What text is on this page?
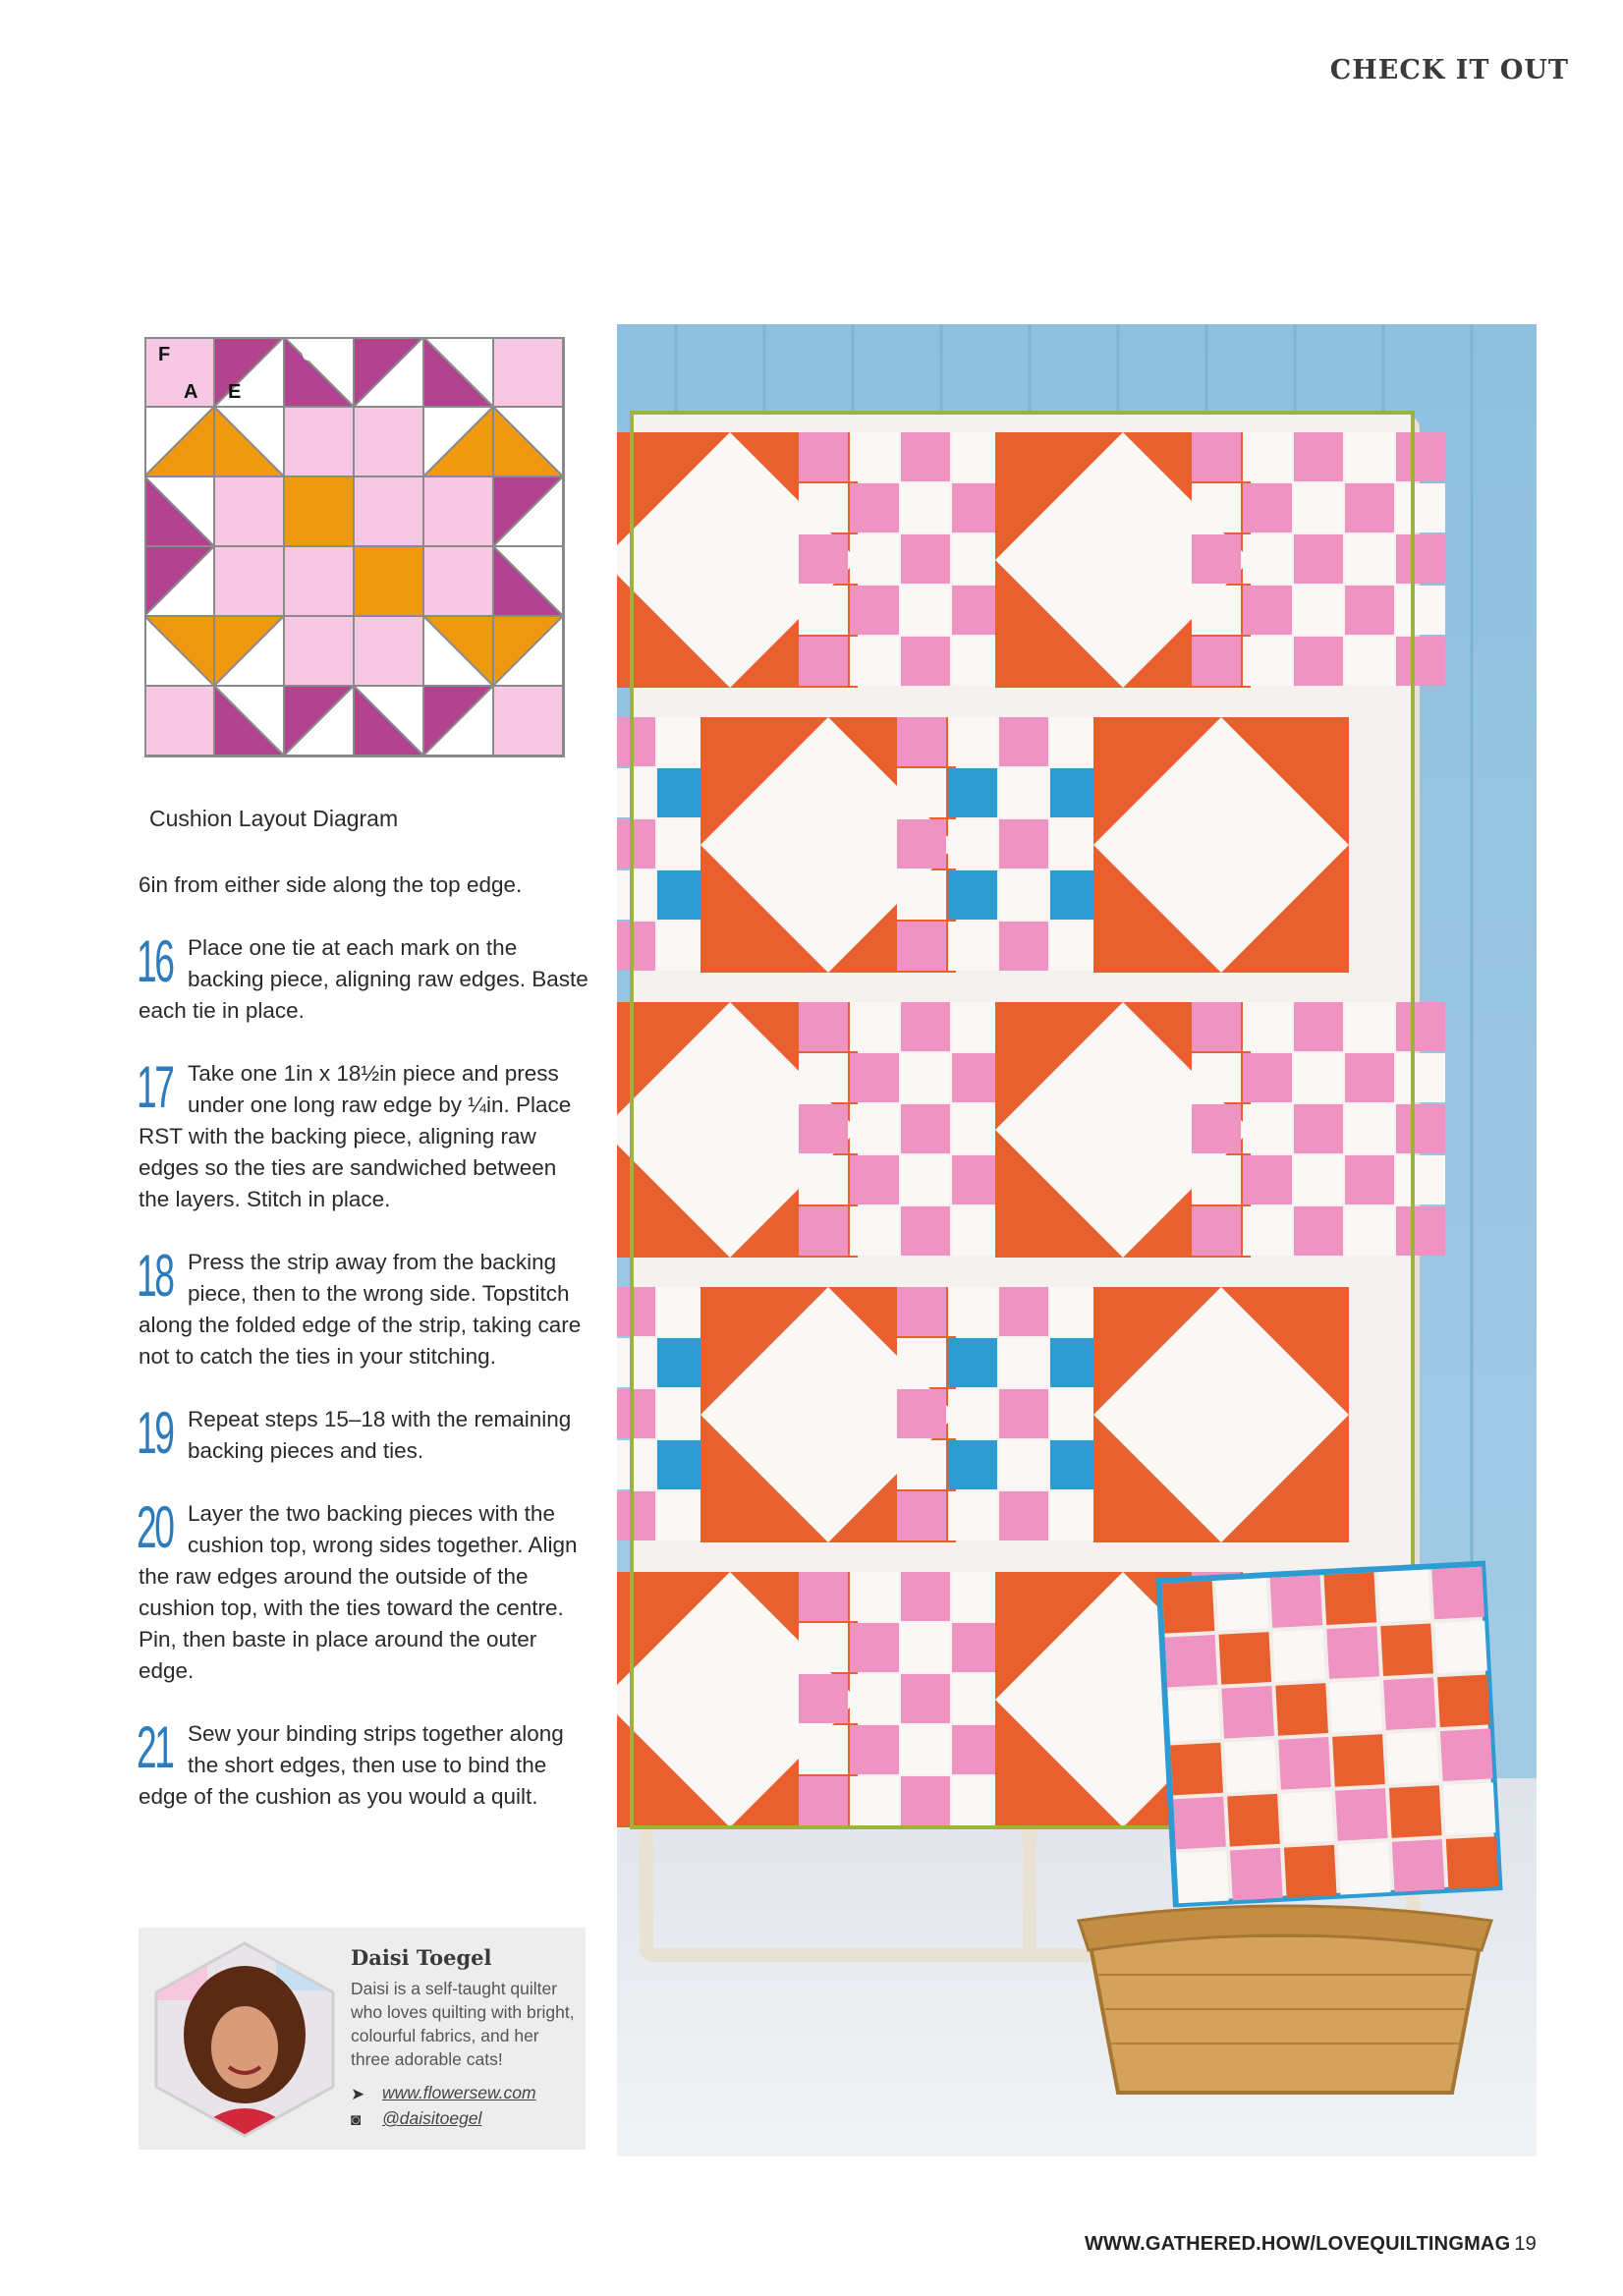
CHECK IT OUT
F	C
A E
Cushion Layout Diagram

6in from either side along the top edge.

16 Place one tie at each mark on the backing piece, aligning raw edges. Baste each tie in place.

17 Take one 1in x 18½in piece and press under one long raw edge by ¼in. Place RST with the backing piece, aligning raw edges so the ties are sandwiched between the layers. Stitch in place.

18 Press the strip away from the backing piece, then to the wrong side. Topstitch along the folded edge of the strip, taking care not to catch the ties in your stitching.

19 Repeat steps 15–18 with the remaining backing pieces and ties.

20 Layer the two backing pieces with the cushion top, wrong sides together. Align the raw edges around the outside of the cushion top, with the ties toward the centre. Pin, then baste in place around the outer edge.

21 Sew your binding strips together along the short edges, then use to bind the edge of the cushion as you would a quilt.

Daisi Toegel
Daisi is a self-taught quilter who loves quilting with bright, colourful fabrics, and her three adorable cats!
➤ www.flowersew.com
◙ @daisitoegel
WWW.GATHERED.HOW/LOVEQUILTINGMAG 19
